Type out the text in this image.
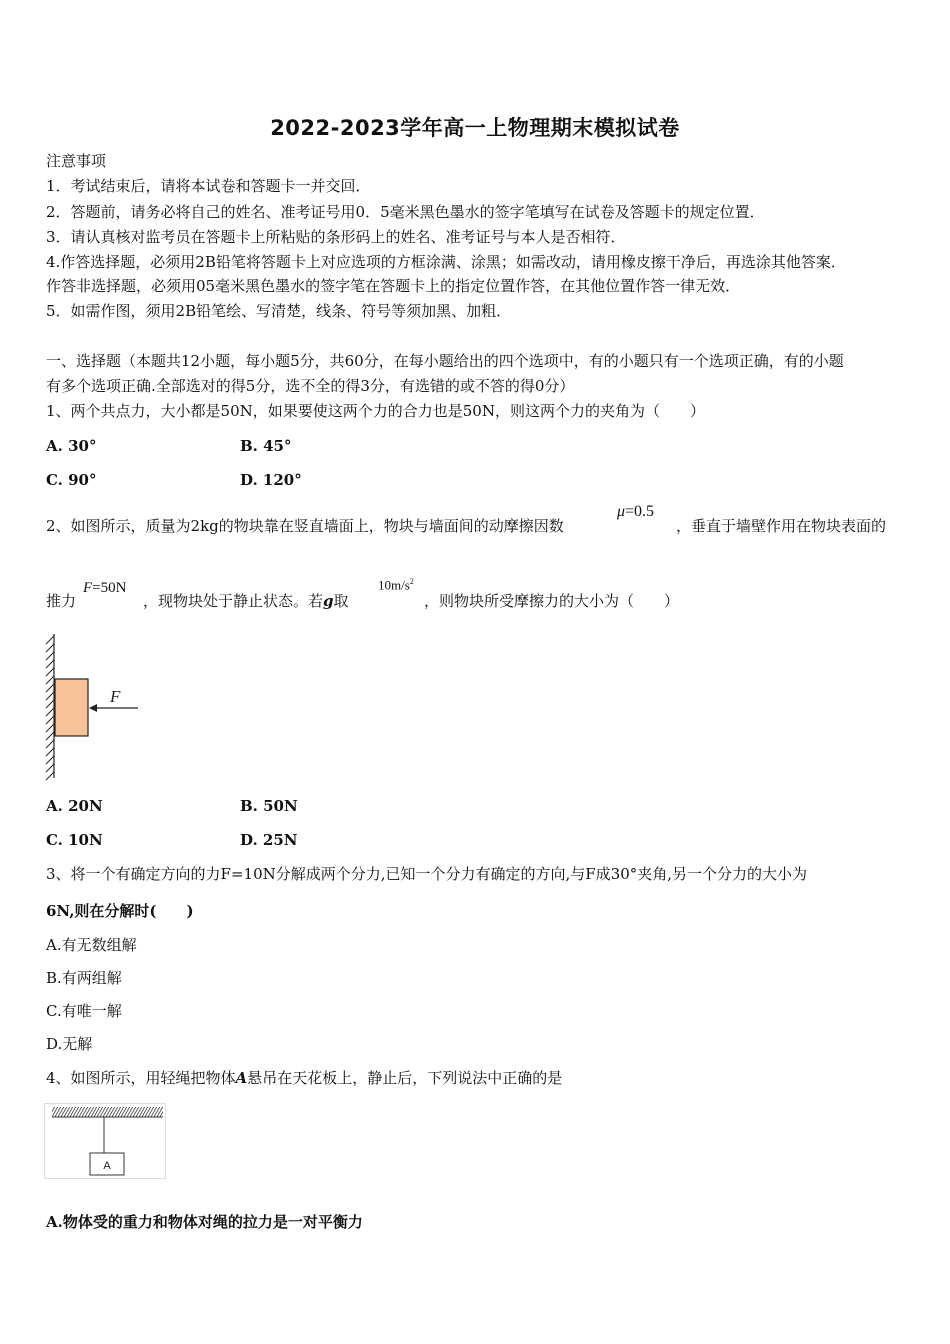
2022-2023学年高一上物理期末模拟试卷
注意事项
1．考试结束后，请将本试卷和答题卡一并交回．
2．答题前，请务必将自己的姓名、准考证号用0．5毫米黑色墨水的签字笔填写在试卷及答题卡的规定位置．
3．请认真核对监考员在答题卡上所粘贴的条形码上的姓名、准考证号与本人是否相符．
4.作答选择题，必须用2B铅笔将答题卡上对应选项的方框涂满、涂黑；如需改动，请用橡皮擦干净后，再选涂其他答案．
作答非选择题，必须用05毫米黑色墨水的签字笔在答题卡上的指定位置作答，在其他位置作答一律无效．
5．如需作图，须用2B铅笔绘、写清楚，线条、符号等须加黑、加粗．
一、选择题（本题共12小题，每小题5分，共60分，在每小题给出的四个选项中，有的小题只有一个选项正确，有的小题
有多个选项正确.全部选对的得5分，选不全的得3分，有选错的或不答的得0分）
1、两个共点力，大小都是50N，如果要使这两个力的合力也是50N，则这两个力的夹角为（　　）
A. 30°	B. 45°
C. 90°	D. 120°
2、如图所示，质量为2kg的物块靠在竖直墙面上，物块与墙面间的动摩擦因数
μ=0.5
，垂直于墙壁作用在物块表面的
推力
F=50N
，现物块处于静止状态。若g取
$10m/s^2$
，则物块所受摩擦力的大小为（　　）
F
A. 20N	B. 50N
C. 10N	D. 25N
3、将一个有确定方向的力F=10N分解成两个分力,已知一个分力有确定的方向,与F成30°夹角,另一个分力的大小为
6N,则在分解时(　　)
A.有无数组解
B.有两组解
C.有唯一解
D.无解
4、如图所示，用轻绳把物体A悬吊在天花板上，静止后，下列说法中正确的是
A
A.物体受的重力和物体对绳的拉力是一对平衡力
